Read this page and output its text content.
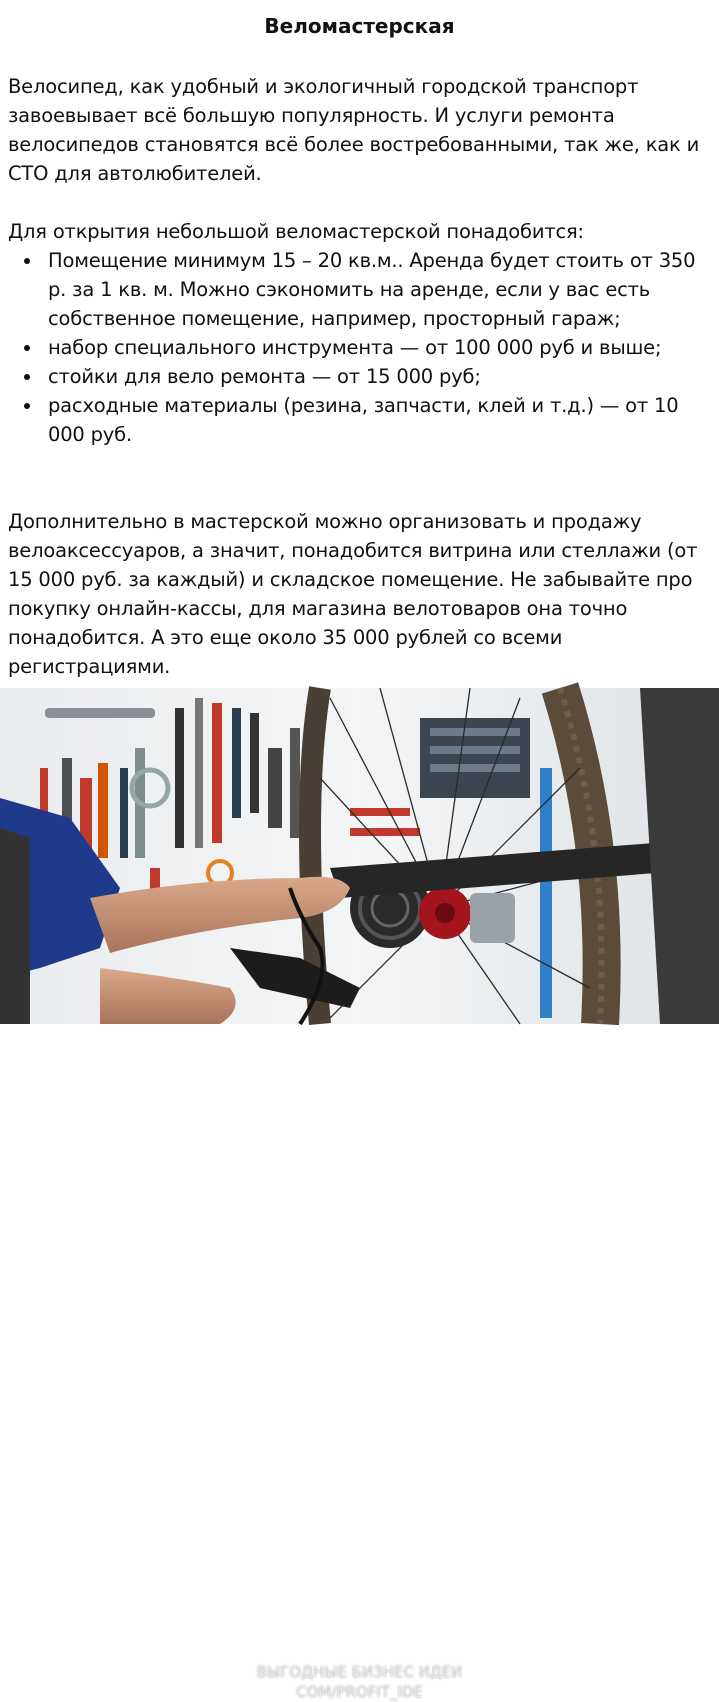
Веломастерская
Велосипед, как удобный и экологичный городской транспорт завоевывает всё большую популярность. И услуги ремонта велосипедов становятся всё более востребованными, так же, как и СТО для автолюбителей.
Для открытия небольшой веломастерской понадобится:
Помещение минимум 15 – 20 кв.м.. Аренда будет стоить от 350 р. за 1 кв. м. Можно сэкономить на аренде, если у вас есть собственное помещение, например, просторный гараж;
набор специального инструмента — от 100 000 руб и выше;
стойки для вело ремонта — от 15 000 руб;
расходные материалы (резина, запчасти, клей и т.д.) — от 10 000 руб.
Дополнительно в мастерской можно организовать и продажу велоаксессуаров, а значит, понадобится витрина или стеллажи (от 15 000 руб. за каждый) и складское помещение. Не забывайте про покупку онлайн-кассы, для магазина велотоваров она точно понадобится. А это еще около 35 000 рублей со всеми регистрациями.
ВЫГОДНЫЕ БИЗНЕС ИДЕИ
COM/PROFIT_IDE
